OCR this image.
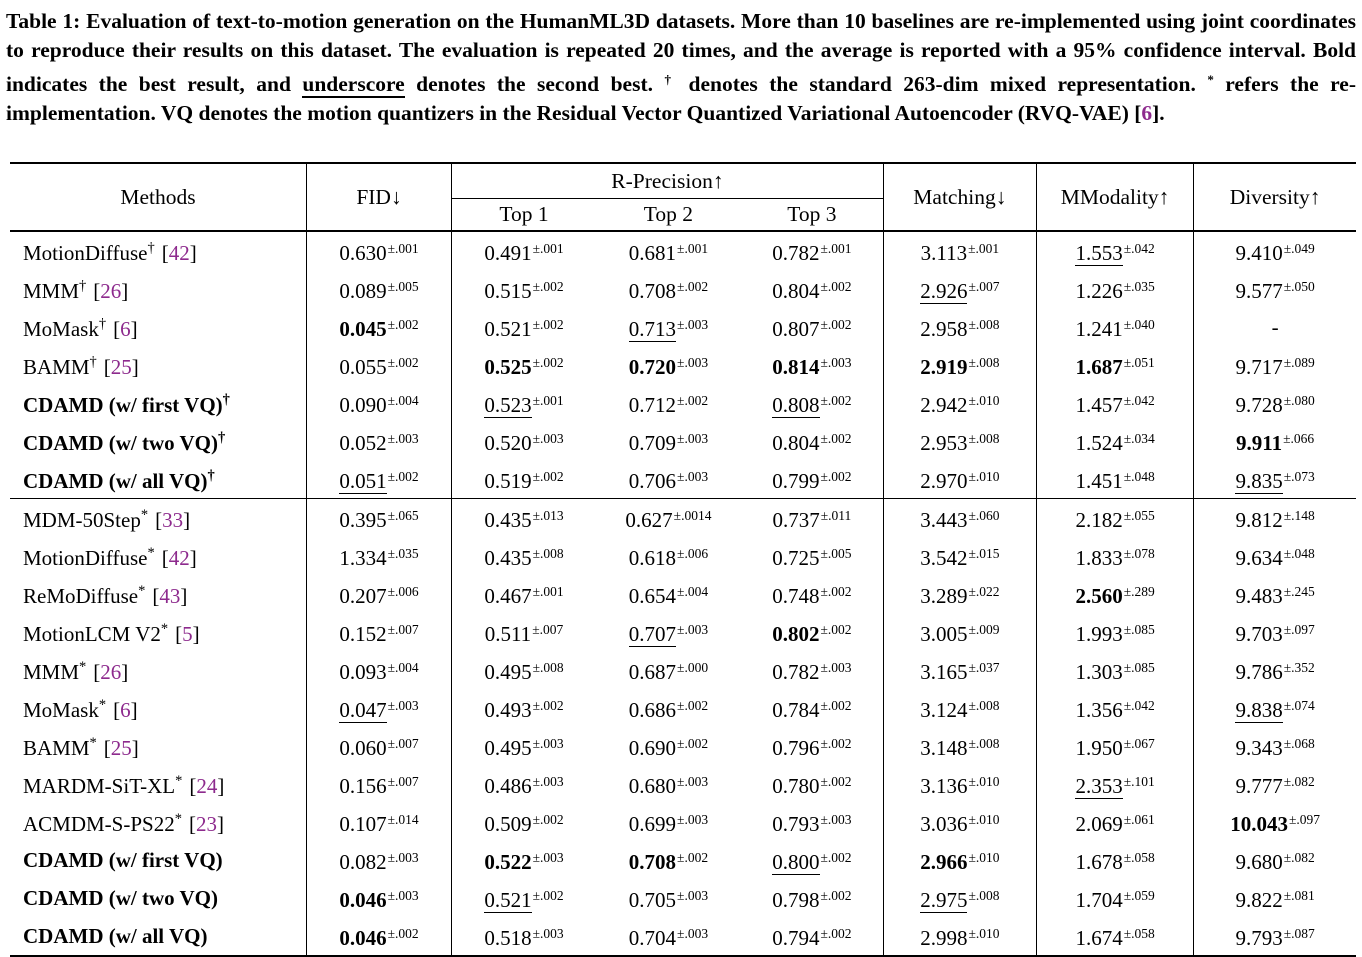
Table 1: Evaluation of text-to-motion generation on the HumanML3D datasets. More than 10 baselines are re-implemented using joint coordinates to reproduce their results on this dataset. The evaluation is repeated 20 times, and the average is reported with a 95% confidence interval. Bold indicates the best result, and underscore denotes the second best. † denotes the standard 263-dim mixed representation. * refers the re-implementation. VQ denotes the motion quantizers in the Residual Vector Quantized Variational Autoencoder (RVQ-VAE) [6].

Methods	FID↓	R-Precision↑			Matching↓	MModality↑	Diversity↑
		Top 1	Top 2	Top 3			
MotionDiffuse† [42]	$0.630^{\pm.001}$	$0.491^{\pm.001}$	$0.681^{\pm.001}$	$0.782^{\pm.001}$	$3.113^{\pm.001}$	$1.553^{\pm.042}$	$9.410^{\pm.049}$
MMM† [26]	$0.089^{\pm.005}$	$0.515^{\pm.002}$	$0.708^{\pm.002}$	$0.804^{\pm.002}$	$2.926^{\pm.007}$	$1.226^{\pm.035}$	$9.577^{\pm.050}$
MoMask† [6]	$0.045^{\pm.002}$	$0.521^{\pm.002}$	$0.713^{\pm.003}$	$0.807^{\pm.002}$	$2.958^{\pm.008}$	$1.241^{\pm.040}$	-
BAMM† [25]	$0.055^{\pm.002}$	$0.525^{\pm.002}$	$0.720^{\pm.003}$	$0.814^{\pm.003}$	$2.919^{\pm.008}$	$1.687^{\pm.051}$	$9.717^{\pm.089}$
CDAMD (w/ first VQ)†	$0.090^{\pm.004}$	$0.523^{\pm.001}$	$0.712^{\pm.002}$	$0.808^{\pm.002}$	$2.942^{\pm.010}$	$1.457^{\pm.042}$	$9.728^{\pm.080}$
CDAMD (w/ two VQ)†	$0.052^{\pm.003}$	$0.520^{\pm.003}$	$0.709^{\pm.003}$	$0.804^{\pm.002}$	$2.953^{\pm.008}$	$1.524^{\pm.034}$	$9.911^{\pm.066}$
CDAMD (w/ all VQ)†	$0.051^{\pm.002}$	$0.519^{\pm.002}$	$0.706^{\pm.003}$	$0.799^{\pm.002}$	$2.970^{\pm.010}$	$1.451^{\pm.048}$	$9.835^{\pm.073}$
MDM-50Step* [33]	$0.395^{\pm.065}$	$0.435^{\pm.013}$	$0.627^{\pm.0014}$	$0.737^{\pm.011}$	$3.443^{\pm.060}$	$2.182^{\pm.055}$	$9.812^{\pm.148}$
MotionDiffuse* [42]	$1.334^{\pm.035}$	$0.435^{\pm.008}$	$0.618^{\pm.006}$	$0.725^{\pm.005}$	$3.542^{\pm.015}$	$1.833^{\pm.078}$	$9.634^{\pm.048}$
ReMoDiffuse* [43]	$0.207^{\pm.006}$	$0.467^{\pm.001}$	$0.654^{\pm.004}$	$0.748^{\pm.002}$	$3.289^{\pm.022}$	$2.560^{\pm.289}$	$9.483^{\pm.245}$
MotionLCM V2* [5]	$0.152^{\pm.007}$	$0.511^{\pm.007}$	$0.707^{\pm.003}$	$0.802^{\pm.002}$	$3.005^{\pm.009}$	$1.993^{\pm.085}$	$9.703^{\pm.097}$
MMM* [26]	$0.093^{\pm.004}$	$0.495^{\pm.008}$	$0.687^{\pm.000}$	$0.782^{\pm.003}$	$3.165^{\pm.037}$	$1.303^{\pm.085}$	$9.786^{\pm.352}$
MoMask* [6]	$0.047^{\pm.003}$	$0.493^{\pm.002}$	$0.686^{\pm.002}$	$0.784^{\pm.002}$	$3.124^{\pm.008}$	$1.356^{\pm.042}$	$9.838^{\pm.074}$
BAMM* [25]	$0.060^{\pm.007}$	$0.495^{\pm.003}$	$0.690^{\pm.002}$	$0.796^{\pm.002}$	$3.148^{\pm.008}$	$1.950^{\pm.067}$	$9.343^{\pm.068}$
MARDM-SiT-XL* [24]	$0.156^{\pm.007}$	$0.486^{\pm.003}$	$0.680^{\pm.003}$	$0.780^{\pm.002}$	$3.136^{\pm.010}$	$2.353^{\pm.101}$	$9.777^{\pm.082}$
ACMDM-S-PS22* [23]	$0.107^{\pm.014}$	$0.509^{\pm.002}$	$0.699^{\pm.003}$	$0.793^{\pm.003}$	$3.036^{\pm.010}$	$2.069^{\pm.061}$	$10.043^{\pm.097}$
CDAMD (w/ first VQ)	$0.082^{\pm.003}$	$0.522^{\pm.003}$	$0.708^{\pm.002}$	$0.800^{\pm.002}$	$2.966^{\pm.010}$	$1.678^{\pm.058}$	$9.680^{\pm.082}$
CDAMD (w/ two VQ)	$0.046^{\pm.003}$	$0.521^{\pm.002}$	$0.705^{\pm.003}$	$0.798^{\pm.002}$	$2.975^{\pm.008}$	$1.704^{\pm.059}$	$9.822^{\pm.081}$
CDAMD (w/ all VQ)	$0.046^{\pm.002}$	$0.518^{\pm.003}$	$0.704^{\pm.003}$	$0.794^{\pm.002}$	$2.998^{\pm.010}$	$1.674^{\pm.058}$	$9.793^{\pm.087}$
